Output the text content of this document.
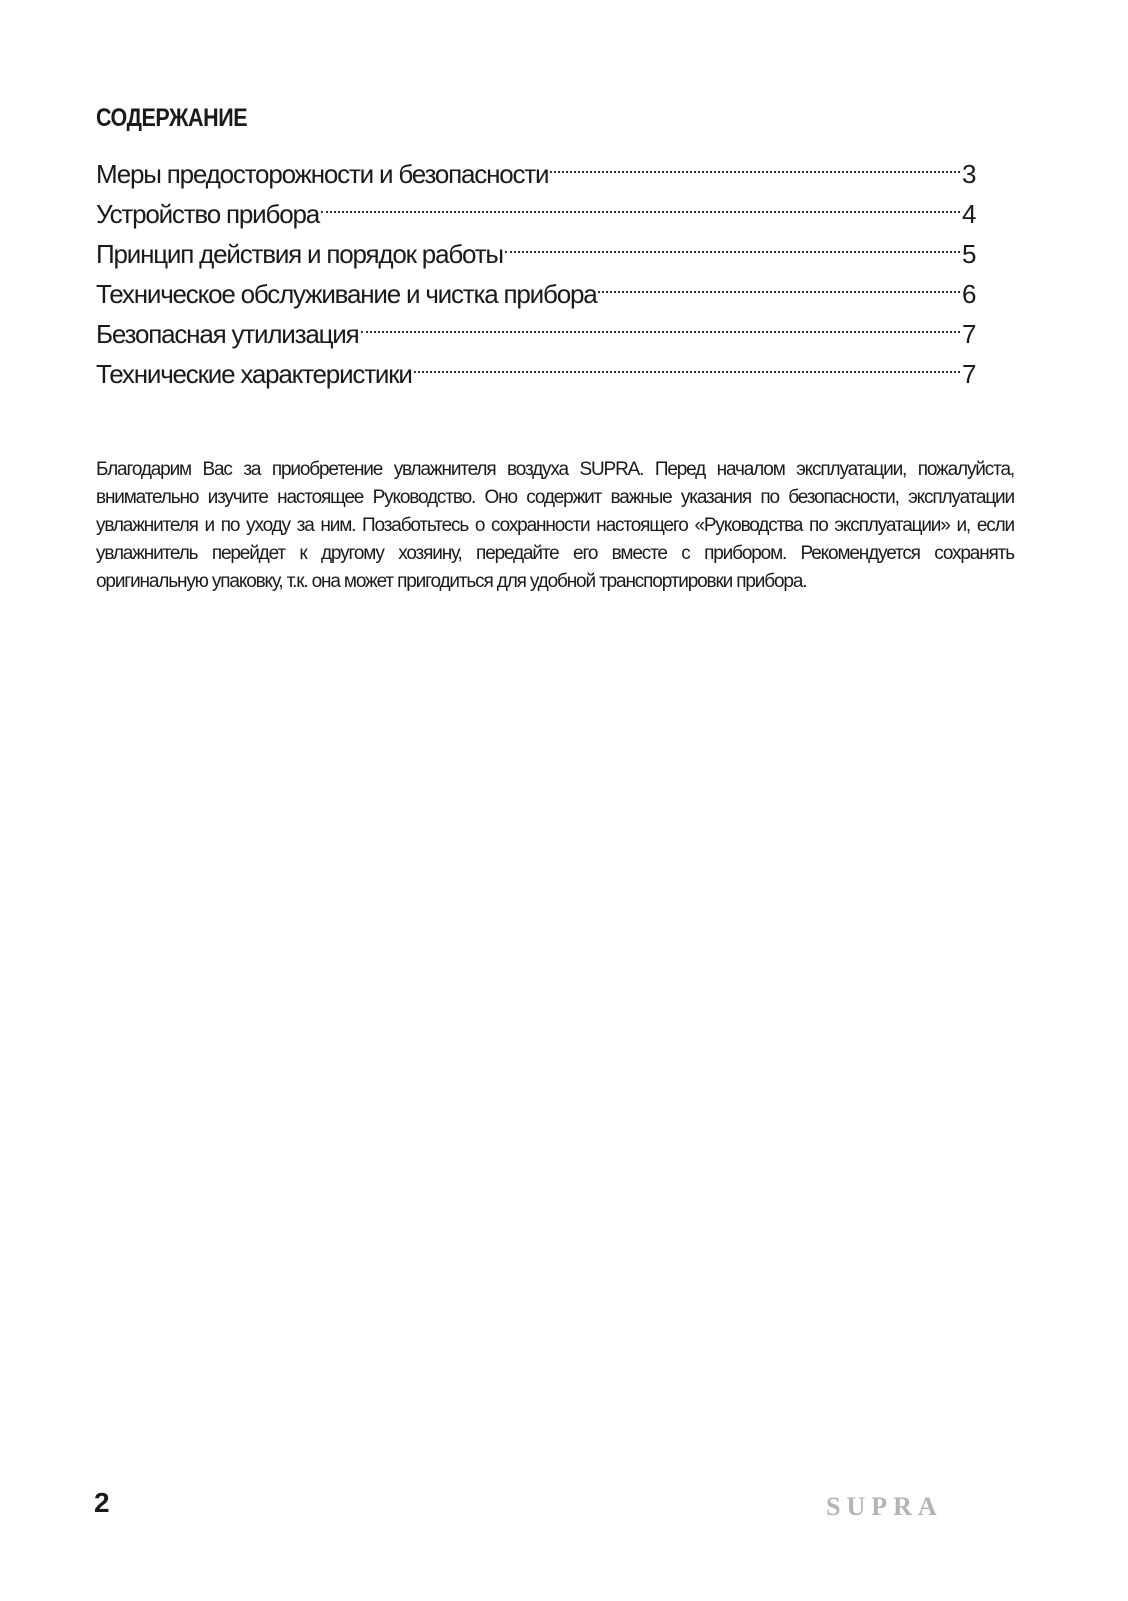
СОДЕРЖАНИЕ
Меры предосторожности и безопасности	3
Устройство прибора	4
Принцип действия и порядок работы	5
Техническое обслуживание и чистка прибора	6
Безопасная утилизация	7
Технические характеристики	7

Благодарим Вас за приобретение увлажнителя воздуха SUPRA. Перед началом эксплуатации, пожалуйста, внимательно изучите настоящее Руководство. Оно содержит важные указания по безопасности, эксплуатации увлажнителя и по уходу за ним. Позаботьтесь о сохранности настоящего «Руководства по эксплуатации» и, если увлажнитель перейдет к другому хозяину, передайте его вместе с прибором. Рекомендуется сохранять оригинальную упаковку, т.к. она может пригодиться для удобной транспортировки прибора.

2	SUPRA
